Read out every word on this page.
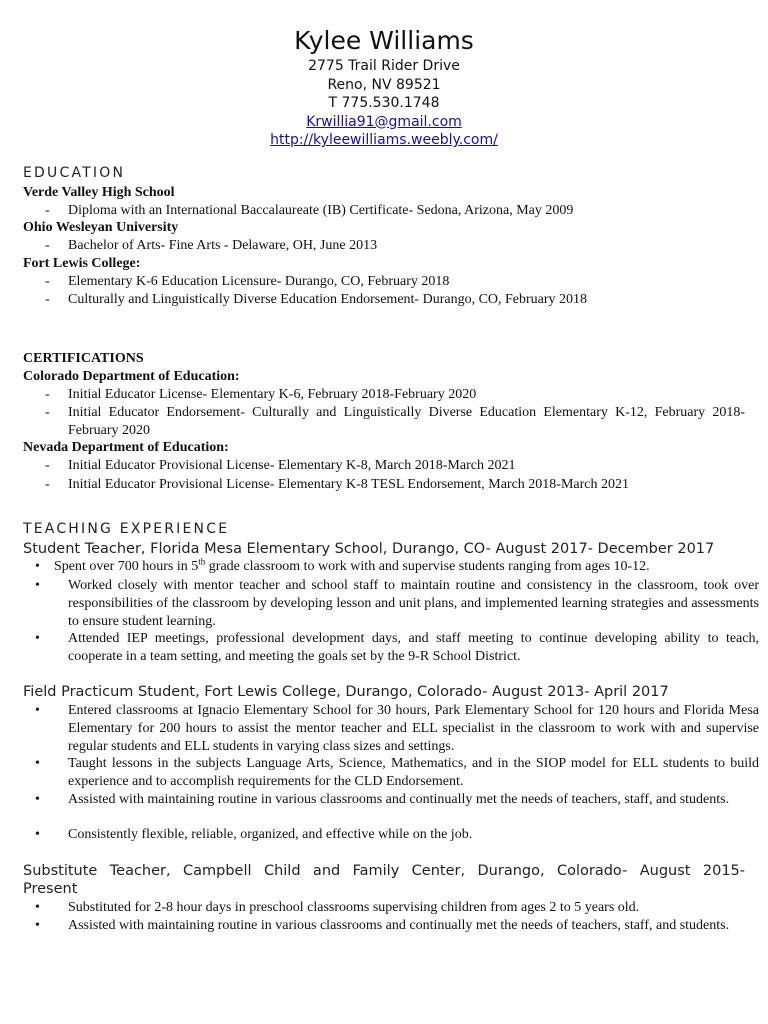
Kylee Williams
2775 Trail Rider Drive
Reno, NV 89521
T 775.530.1748
Krwillia91@gmail.com
http://kyleewilliams.weebly.com/
EDUCATION
Verde Valley High School
- Diploma with an International Baccalaureate (IB) Certificate- Sedona, Arizona, May 2009
Ohio Wesleyan University
- Bachelor of Arts- Fine Arts - Delaware, OH, June 2013
Fort Lewis College:
- Elementary K-6 Education Licensure- Durango, CO, February 2018
- Culturally and Linguistically Diverse Education Endorsement- Durango, CO, February 2018
CERTIFICATIONS
Colorado Department of Education:
- Initial Educator License- Elementary K-6, February 2018-February 2020
- Initial Educator Endorsement- Culturally and Linguistically Diverse Education Elementary K-12, February 2018-February 2020
Nevada Department of Education:
- Initial Educator Provisional License- Elementary K-8, March 2018-March 2021
- Initial Educator Provisional License- Elementary K-8 TESL Endorsement, March 2018-March 2021
TEACHING EXPERIENCE
Student Teacher, Florida Mesa Elementary School, Durango, CO- August 2017- December 2017
• Spent over 700 hours in 5th grade classroom to work with and supervise students ranging from ages 10-12.
•	Worked closely with mentor teacher and school staff to maintain routine and consistency in the classroom, took over responsibilities of the classroom by developing lesson and unit plans, and implemented learning strategies and assessments to ensure student learning.
•	Attended IEP meetings, professional development days, and staff meeting to continue developing ability to teach, cooperate in a team setting, and meeting the goals set by the 9-R School District.
Field Practicum Student, Fort Lewis College, Durango, Colorado- August 2013- April 2017
•	Entered classrooms at Ignacio Elementary School for 30 hours, Park Elementary School for 120 hours and Florida Mesa Elementary for 200 hours to assist the mentor teacher and ELL specialist in the classroom to work with and supervise regular students and ELL students in varying class sizes and settings.
•	Taught lessons in the subjects Language Arts, Science, Mathematics, and in the SIOP model for ELL students to build experience and to accomplish requirements for the CLD Endorsement.
•	Assisted with maintaining routine in various classrooms and continually met the needs of teachers, staff, and students.
•	Consistently flexible, reliable, organized, and effective while on the job.
Substitute Teacher, Campbell Child and Family Center, Durango, Colorado- August 2015-
Present
•	Substituted for 2-8 hour days in preschool classrooms supervising children from ages 2 to 5 years old.
•	Assisted with maintaining routine in various classrooms and continually met the needs of teachers, staff, and students.
